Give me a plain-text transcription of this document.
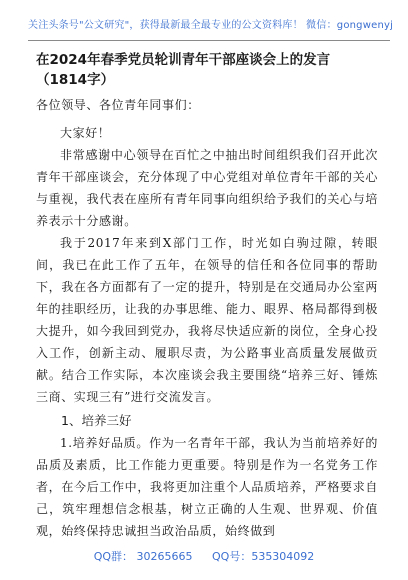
关注头条号"公文研究"，获得最新最全最专业的公文资料库！ 微信：gongwenyj
在2024年春季党员轮训青年干部座谈会上的发言（1814字）

各位领导、各位青年同事们：

大家好！

非常感谢中心领导在百忙之中抽出时间组织我们召开此次青年干部座谈会，充分体现了中心党组对单位青年干部的关心与重视，我代表在座所有青年同事向组织给予我们的关心与培养表示十分感谢。

我于2017年来到X部门工作，时光如白驹过隙，转眼间，我已在此工作了五年，在领导的信任和各位同事的帮助下，我在各方面都有了一定的提升，特别是在交通局办公室两年的挂职经历，让我的办事思维、能力、眼界、格局都得到极大提升，如今我回到党办，我将尽快适应新的岗位，全身心投入工作，创新主动、履职尽责，为公路事业高质量发展做贡献。结合工作实际，本次座谈会我主要围绕“培养三好、锤炼三商、实现三有”进行交流发言。

1、培养三好

1.培养好品质。作为一名青年干部，我认为当前培养好的品质及素质，比工作能力更重要。特别是作为一名党务工作者，在今后工作中，我将更加注重个人品质培养，严格要求自己，筑牢理想信念根基，树立正确的人生观、世界观、价值观，始终保持忠诚担当政治品质，始终做到

QQ群： 30265665 QQ号：535304092
